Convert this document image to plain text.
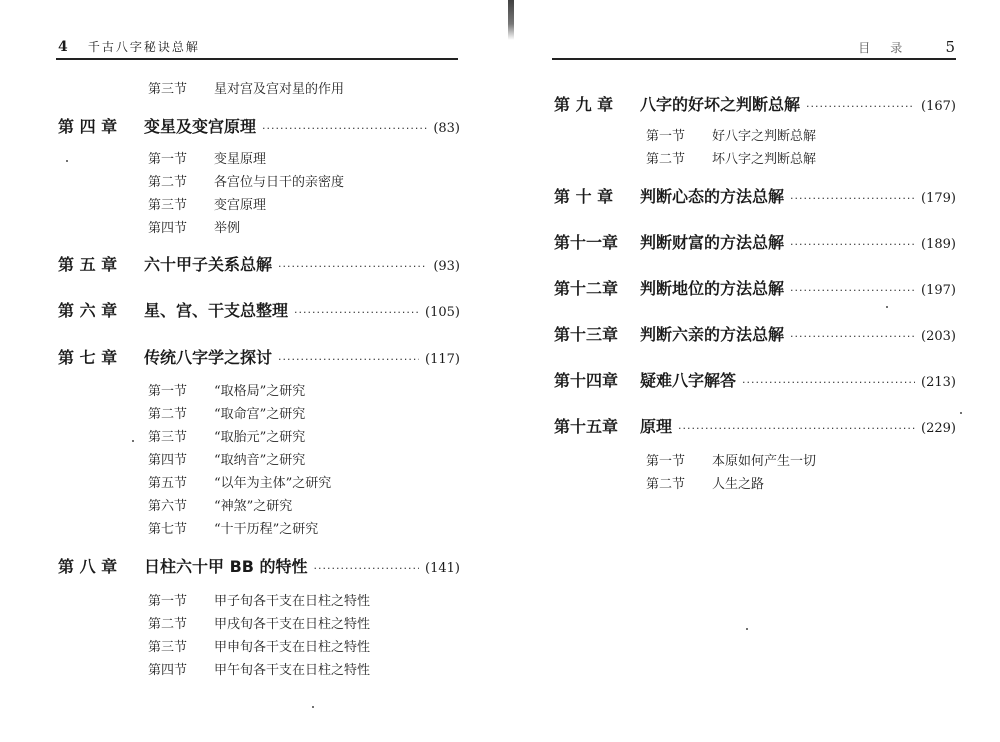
4 千古八字秘诀总解
第三节	星对宫及宫对星的作用
第 四 章	变星及变宫原理 ·····	(83)
第一节	变星原理
第二节	各宫位与日干的亲密度
第三节	变宫原理
第四节	举例
第 五 章	六十甲子关系总解 ·····	(93)
第 六 章	星、宫、干支总整理 ·····	(105)
第 七 章	传统八字学之探讨 ·····	(117)
第一节	“取格局”之研究
第二节	“取命宫”之研究
第三节	“取胎元”之研究
第四节	“取纳音”之研究
第五节	“以年为主体”之研究
第六节	“神煞”之研究
第七节	“十干历程”之研究
第 八 章	日柱六十甲 BB 的特性 ·····	(141)
第一节	甲子旬各干支在日柱之特性
第二节	甲戌旬各干支在日柱之特性
第三节	甲申旬各干支在日柱之特性
第四节	甲午旬各干支在日柱之特性
目录 5
第 九 章	八字的好坏之判断总解 ·····	(167)
第一节	好八字之判断总解
第二节	坏八字之判断总解
第 十 章	判断心态的方法总解 ·····	(179)
第十一章	判断财富的方法总解 ·····	(189)
第十二章	判断地位的方法总解 ·····	(197)
第十三章	判断六亲的方法总解 ·····	(203)
第十四章	疑难八字解答 ·····	(213)
第十五章	原理 ·····	(229)
第一节	本原如何产生一切
第二节	人生之路
